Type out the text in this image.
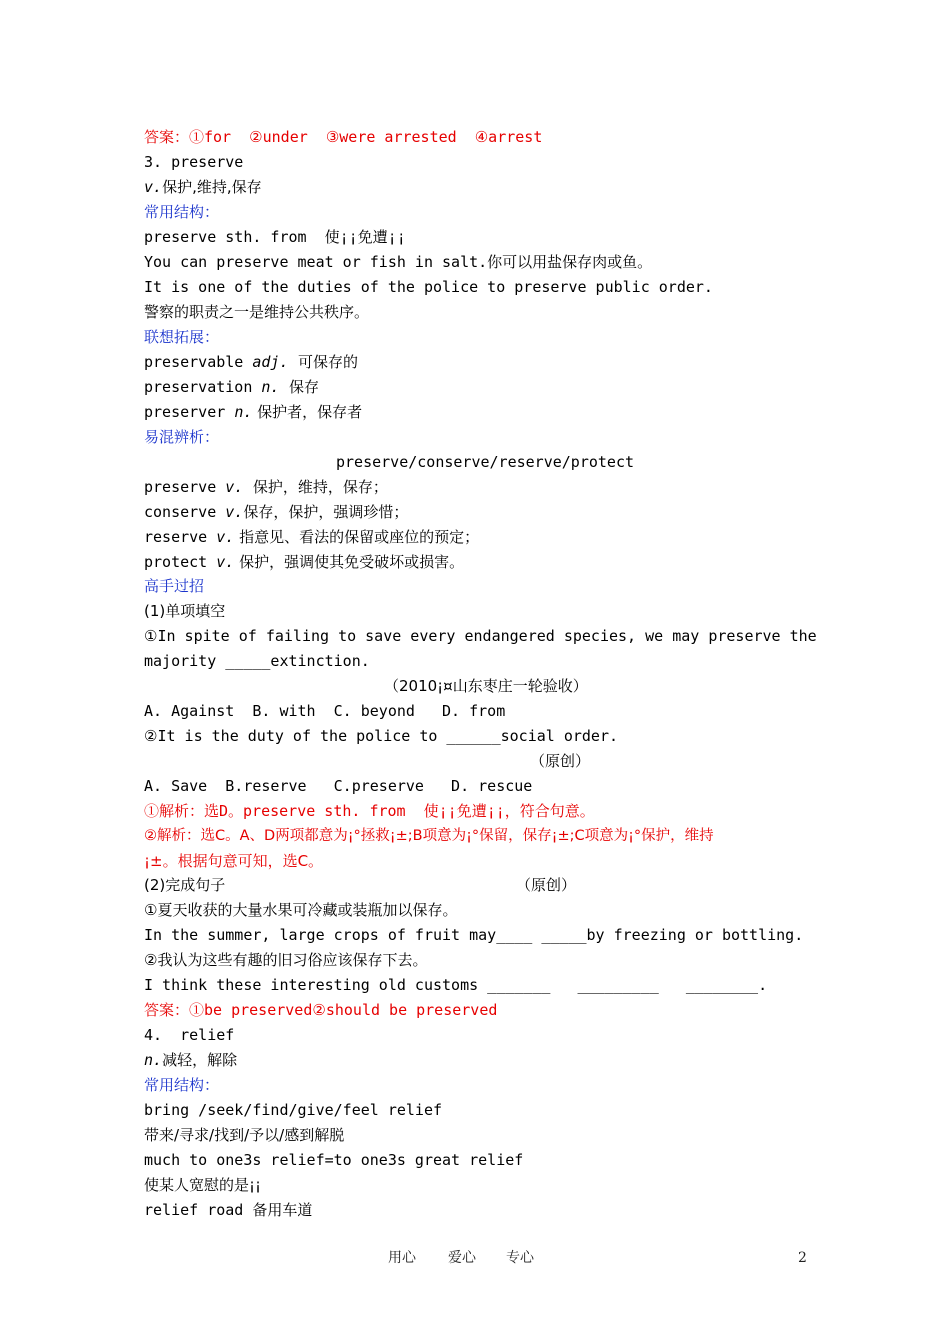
答案：①for  ②under  ③were arrested  ④arrest
3. preserve
v.保护,维持,保存
常用结构：
preserve sth. from  使¡¡免遭¡¡
You can preserve meat or fish in salt.你可以用盐保存肉或鱼。
It is one of the duties of the police to preserve public order.
警察的职责之一是维持公共秩序。
联想拓展：
preservable adj.  可保存的
preservation n.  保存
preserver n. 保护者，保存者
易混辨析：
preserve/conserve/reserve/protect
preserve v.  保护，维持，保存；
conserve v.保存，保护，强调珍惜；
reserve v. 指意见、看法的保留或座位的预定；
protect v. 保护，强调使其免受破坏或损害。
高手过招
(1)单项填空
①In spite of failing to save every endangered species, we may preserve the
majority _____extinction.
（2010¡¤山东枣庄一轮验收）
A. Against  B. with  C. beyond   D. from
②It is the duty of the police to ______social order.
（原创）
A. Save  B.reserve   C.preserve   D. rescue
①解析：选D。preserve sth. from  使¡¡免遭¡¡，符合句意。
②解析：选C。A、D两项都意为¡°拯救¡±;B项意为¡°保留，保存¡±;C项意为¡°保护，维持
¡±。根据句意可知，选C。
(2)完成句子	（原创）
①夏天收获的大量水果可冷藏或装瓶加以保存。
In the summer, large crops of fruit may____ _____by freezing or bottling.
②我认为这些有趣的旧习俗应该保存下去。
I think these interesting old customs _______   _________   ________.
答案：①be preserved②should be preserved
4.  relief
n.减轻，解除
常用结构：
bring /seek/find/give/feel relief
带来/寻求/找到/予以/感到解脱
much to one3s relief=to one3s great relief
使某人宽慰的是¡¡
relief road 备用车道
用心 爱心 专心	2
